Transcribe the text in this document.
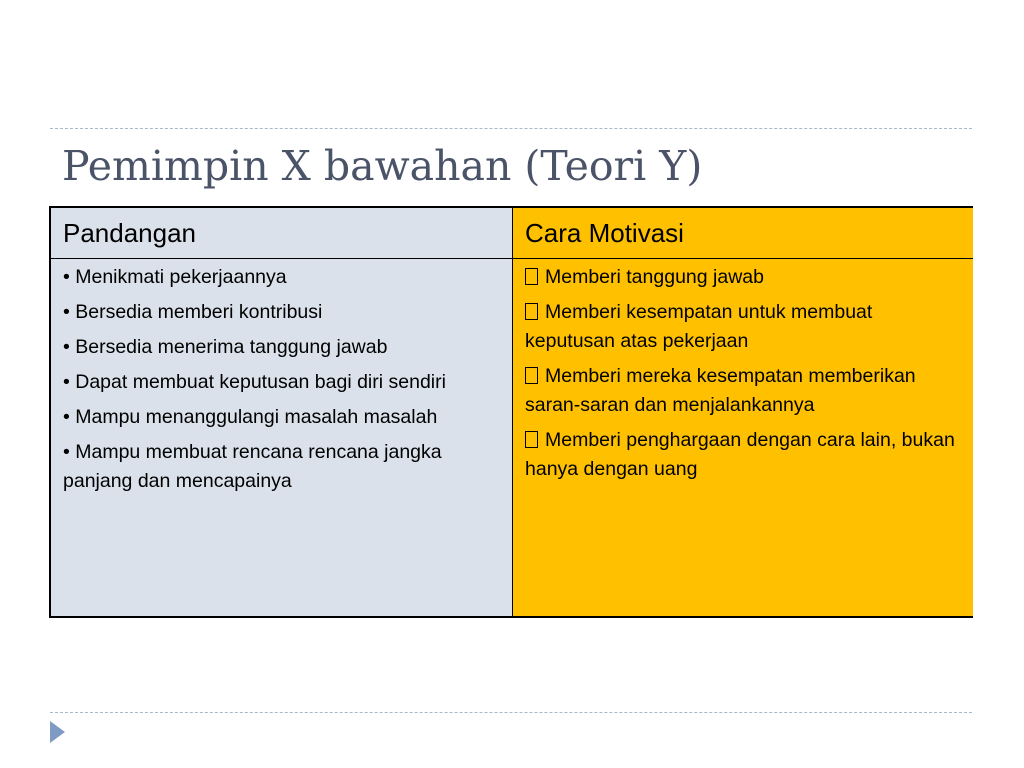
Pemimpin X bawahan (Teori Y)
Pandangan	Cara Motivasi
• Menikmati pekerjaannya
• Bersedia memberi kontribusi
• Bersedia menerima tanggung jawab
• Dapat membuat keputusan bagi diri sendiri
• Mampu menanggulangi masalah masalah
• Mampu membuat rencana rencana jangka panjang dan mencapainya
Memberi tanggung jawab
Memberi kesempatan untuk membuat keputusan atas pekerjaan
Memberi mereka kesempatan memberikan saran-saran dan menjalankannya
Memberi penghargaan dengan cara lain, bukan hanya dengan uang
